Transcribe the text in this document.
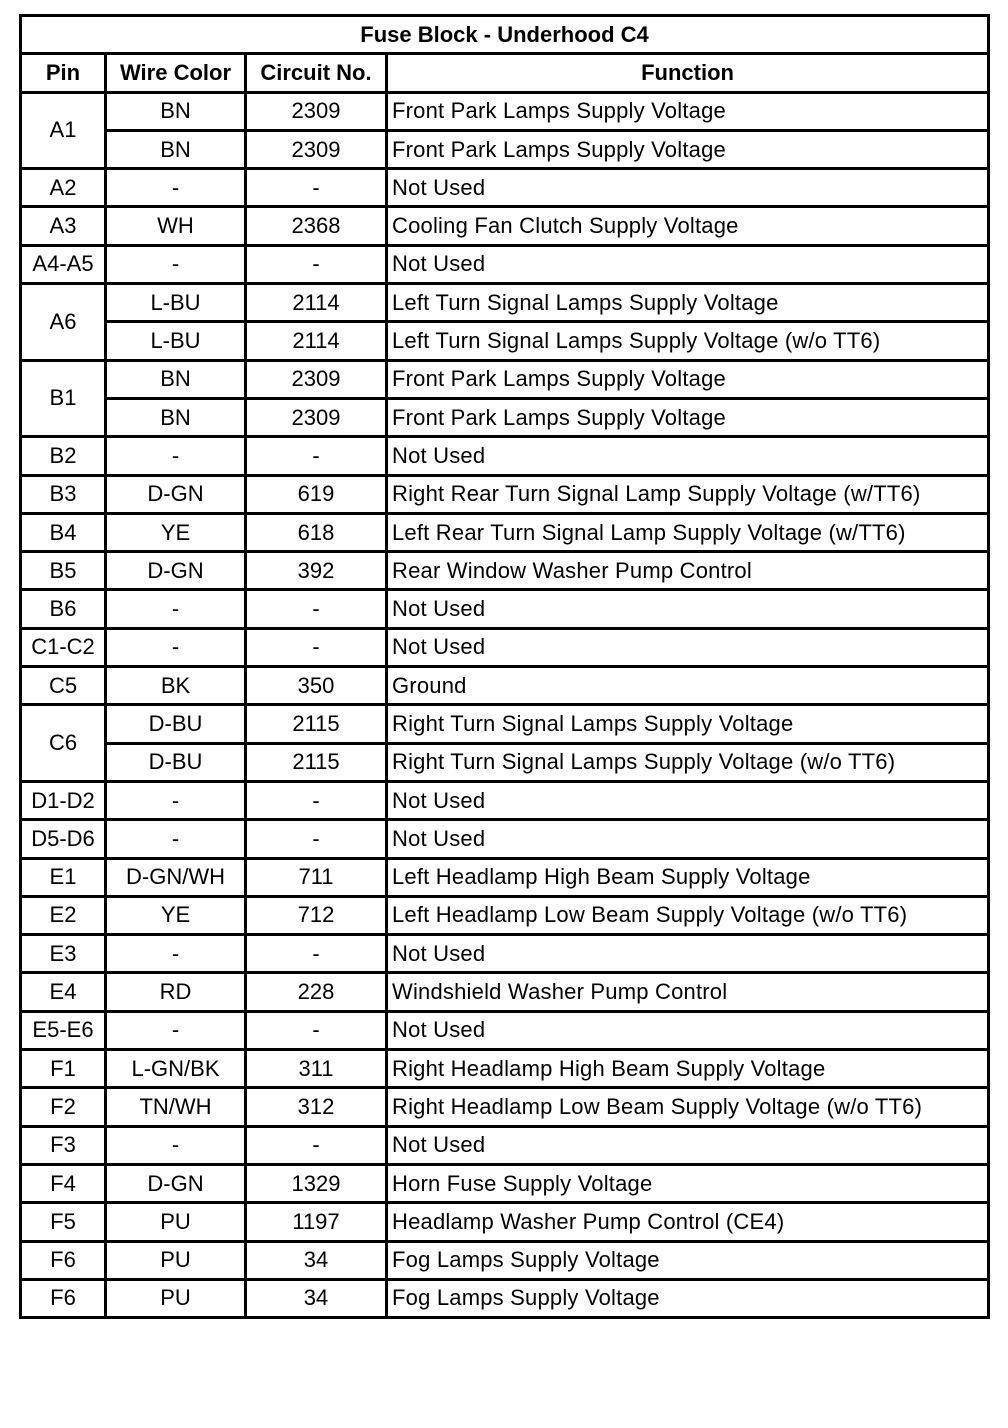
Fuse Block - Underhood C4			
Pin	Wire Color	Circuit No.	Function
A1	BN	2309	Front Park Lamps Supply Voltage
	BN	2309	Front Park Lamps Supply Voltage
A2	-	-	Not Used
A3	WH	2368	Cooling Fan Clutch Supply Voltage
A4-A5	-	-	Not Used
A6	L-BU	2114	Left Turn Signal Lamps Supply Voltage
	L-BU	2114	Left Turn Signal Lamps Supply Voltage (w/o TT6)
B1	BN	2309	Front Park Lamps Supply Voltage
	BN	2309	Front Park Lamps Supply Voltage
B2	-	-	Not Used
B3	D-GN	619	Right Rear Turn Signal Lamp Supply Voltage (w/TT6)
B4	YE	618	Left Rear Turn Signal Lamp Supply Voltage (w/TT6)
B5	D-GN	392	Rear Window Washer Pump Control
B6	-	-	Not Used
C1-C2	-	-	Not Used
C5	BK	350	Ground
C6	D-BU	2115	Right Turn Signal Lamps Supply Voltage
	D-BU	2115	Right Turn Signal Lamps Supply Voltage (w/o TT6)
D1-D2	-	-	Not Used
D5-D6	-	-	Not Used
E1	D-GN/WH	711	Left Headlamp High Beam Supply Voltage
E2	YE	712	Left Headlamp Low Beam Supply Voltage (w/o TT6)
E3	-	-	Not Used
E4	RD	228	Windshield Washer Pump Control
E5-E6	-	-	Not Used
F1	L-GN/BK	311	Right Headlamp High Beam Supply Voltage
F2	TN/WH	312	Right Headlamp Low Beam Supply Voltage (w/o TT6)
F3	-	-	Not Used
F4	D-GN	1329	Horn Fuse Supply Voltage
F5	PU	1197	Headlamp Washer Pump Control (CE4)
F6	PU	34	Fog Lamps Supply Voltage
F6	PU	34	Fog Lamps Supply Voltage
